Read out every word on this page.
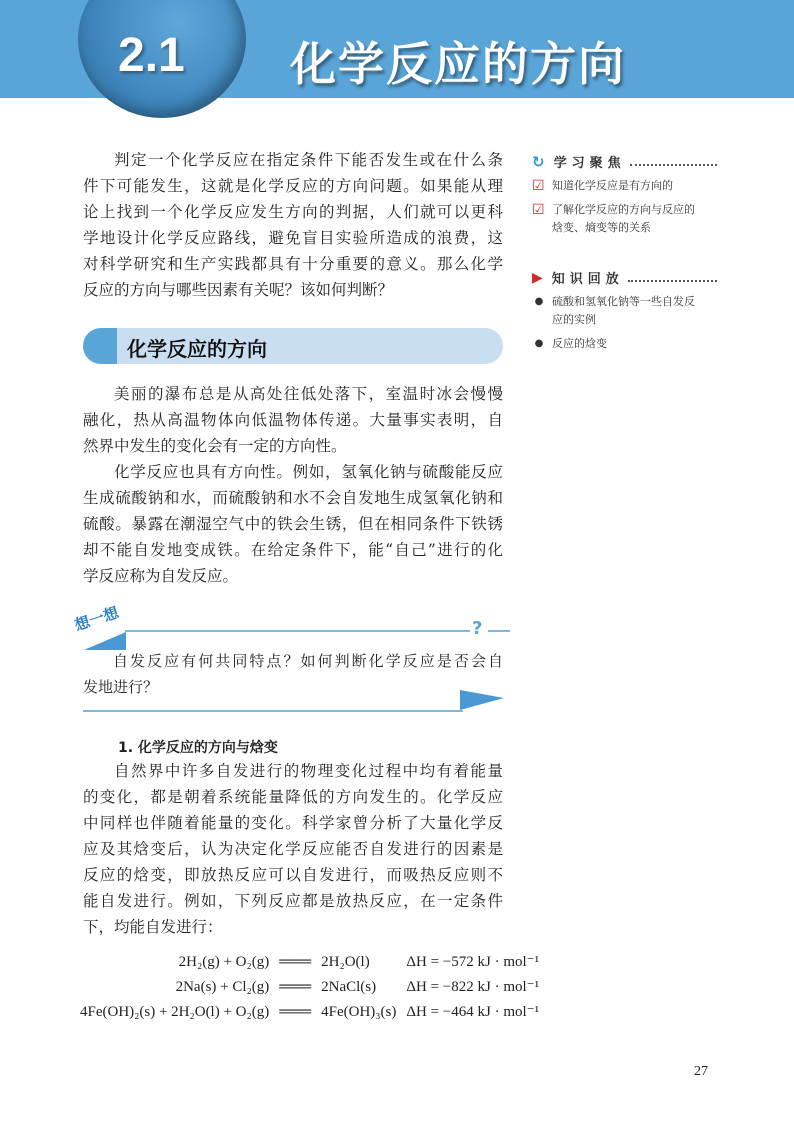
2.1 化学反应的方向
判定一个化学反应在指定条件下能否发生或在什么条
件下可能发生，这就是化学反应的方向问题。如果能从理
论上找到一个化学反应发生方向的判据，人们就可以更科
学地设计化学反应路线，避免盲目实验所造成的浪费，这
对科学研究和生产实践都具有十分重要的意义。那么化学
反应的方向与哪些因素有关呢？该如何判断？
化学反应的方向
美丽的瀑布总是从高处往低处落下，室温时冰会慢慢
融化，热从高温物体向低温物体传递。大量事实表明，自
然界中发生的变化会有一定的方向性。
化学反应也具有方向性。例如，氢氧化钠与硫酸能反应
生成硫酸钠和水，而硫酸钠和水不会自发地生成氢氧化钠和
硫酸。暴露在潮湿空气中的铁会生锈，但在相同条件下铁锈
却不能自发地变成铁。在给定条件下，能“自己”进行的化
学反应称为自发反应。
想一想	?
自发反应有何共同特点？如何判断化学反应是否会自
发地进行？
1. 化学反应的方向与焓变
自然界中许多自发进行的物理变化过程中均有着能量
的变化，都是朝着系统能量降低的方向发生的。化学反应
中同样也伴随着能量的变化。科学家曾分析了大量化学反
应及其焓变后，认为决定化学反应能否自发进行的因素是
反应的焓变，即放热反应可以自发进行，而吸热反应则不
能自发进行。例如，下列反应都是放热反应，在一定条件
下，均能自发进行：
2H₂(g) + O₂(g) ═══ 2H₂O(l)	ΔH = −572 kJ · mol⁻¹
2Na(s) + Cl₂(g) ═══ 2NaCl(s)	ΔH = −822 kJ · mol⁻¹
4Fe(OH)₂(s) + 2H₂O(l) + O₂(g) ═══ 4Fe(OH)₃(s) ΔH = −464 kJ · mol⁻¹
↻ 学习聚焦
☑ 知道化学反应是有方向的
☑ 了解化学反应的方向与反应的
焓变、熵变等的关系
▶ 知识回放
● 硫酸和氢氧化钠等一些自发反
应的实例
● 反应的焓变
27
